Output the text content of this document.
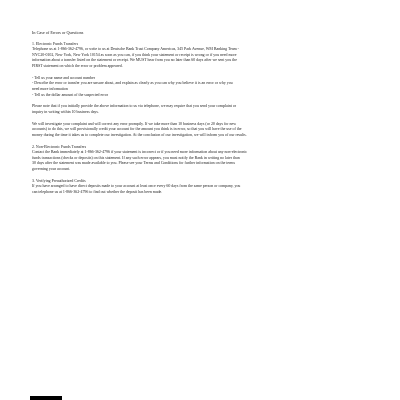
In Case of Errors or Questions
1. Electronic Funds Transfers
Telephone us at 1-866-362-4796, or write to us at Deutsche Bank Trust Company Americas, 345 Park Avenue, WM Banking Team -
NYC20-0102, New York, New York 10154 as soon as you can, if you think your statement or receipt is wrong or if you need more
information about a transfer listed on the statement or receipt. We MUST hear from you no later than 60 days after we sent you the
FIRST statement on which the error or problem appeared.
- Tell us your name and account number
- Describe the error or transfer you are unsure about, and explain as clearly as you can why you believe it is an error or why you
need more information
- Tell us the dollar amount of the suspected error
Please note that if you initially provide the above information to us via telephone, we may require that you send your complaint or
inquiry in writing within 10 business days.
We will investigate your complaint and will correct any error promptly. If we take more than 10 business days (or 20 days for new
accounts) to do this, we will provisionally credit your account for the amount you think is in error, so that you will have the use of the
money during the time it takes us to complete our investigation. At the conclusion of our investigation, we will inform you of our results.
2. Non-Electronic Funds Transfers
Contact the Bank immediately at 1-866-362-4796 if your statement is incorrect or if you need more information about any non-electronic
funds transactions (checks or deposits) on this statement. If any such error appears, you must notify the Bank in writing no later than
30 days after the statement was made available to you. Please see your Terms and Conditions for further information on the terms
governing your account.
3. Verifying Preauthorized Credits
If you have arranged to have direct deposits made to your account at least once every 60 days from the same person or company, you
can telephone us at 1-866-362-4796 to find out whether the deposit has been made.
